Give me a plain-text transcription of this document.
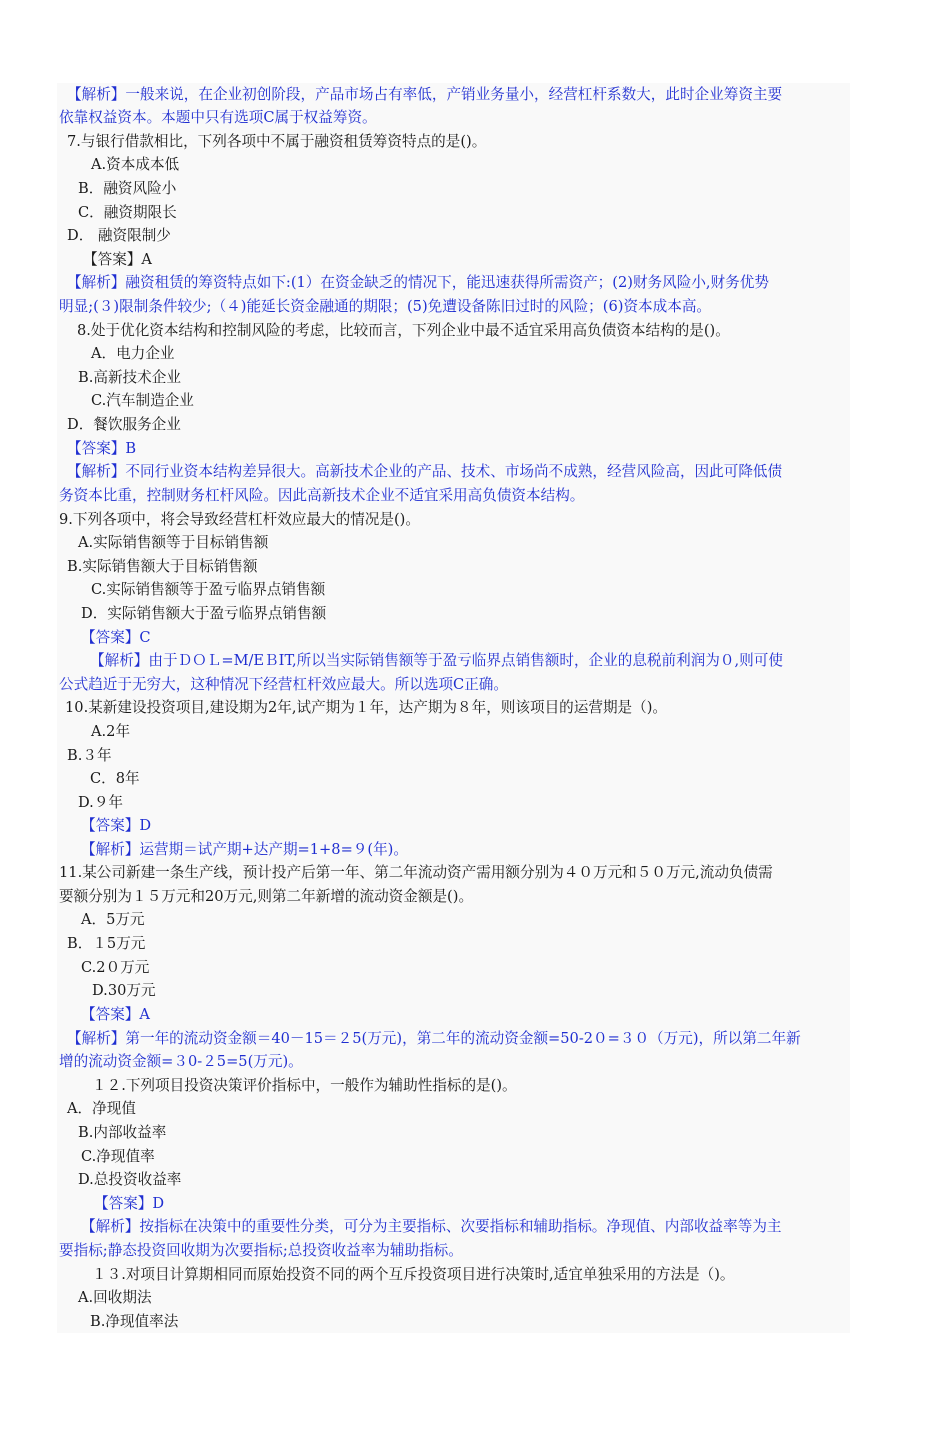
【解析】一般来说，在企业初创阶段，产品市场占有率低，产销业务量小，经营杠杆系数大，此时企业筹资主要
依靠权益资本。本题中只有选项C属于权益筹资。
7.与银行借款相比，下列各项中不属于融资租赁筹资特点的是()。
A.资本成本低
B．融资风险小
C．融资期限长
D． 融资限制少
【答案】A
【解析】融资租赁的筹资特点如下:(1）在资金缺乏的情况下，能迅速获得所需资产；(2)财务风险小,财务优势
明显;(３)限制条件较少;（４)能延长资金融通的期限；(5)免遭设备陈旧过时的风险；(6)资本成本高。
8.处于优化资本结构和控制风险的考虑，比较而言，下列企业中最不适宜采用高负债资本结构的是()。
A．电力企业
B.高新技术企业
C.汽车制造企业
D．餐饮服务企业
【答案】B
【解析】不同行业资本结构差异很大。高新技术企业的产品、技术、市场尚不成熟，经营风险高，因此可降低债
务资本比重，控制财务杠杆风险。因此高新技术企业不适宜采用高负债资本结构。
9.下列各项中，将会导致经营杠杆效应最大的情况是()。
A.实际销售额等于目标销售额
B.实际销售额大于目标销售额
C.实际销售额等于盈亏临界点销售额
D．实际销售额大于盈亏临界点销售额
【答案】C
【解析】由于ＤＯＬ=M/EＢIT,所以当实际销售额等于盈亏临界点销售额时，企业的息税前利润为０,则可使
公式趋近于无穷大，这种情况下经营杠杆效应最大。所以选项C正确。
10.某新建设投资项目,建设期为2年,试产期为１年，达产期为８年，则该项目的运营期是（)。
A.2年
B.３年
C．8年
D.９年
【答案】D
【解析】运营期＝试产期+达产期=1+8=９(年)。
11.某公司新建一条生产线，预计投产后第一年、第二年流动资产需用额分别为４０万元和５０万元,流动负债需
要额分别为１５万元和20万元,则第二年新增的流动资金额是()。
A．5万元
B．１5万元
C.2０万元
D.30万元
【答案】A
【解析】第一年的流动资金额＝40－15＝２5(万元)，第二年的流动资金额=50-2０=３０（万元)，所以第二年新
增的流动资金额=３0-２5=5(万元)。
１２.下列项目投资决策评价指标中，一般作为辅助性指标的是()。
A．净现值
B.内部收益率
C.净现值率
D.总投资收益率
【答案】D
【解析】按指标在决策中的重要性分类，可分为主要指标、次要指标和辅助指标。净现值、内部收益率等为主
要指标;静态投资回收期为次要指标;总投资收益率为辅助指标。
１３.对项目计算期相同而原始投资不同的两个互斥投资项目进行决策时,适宜单独采用的方法是（)。
A.回收期法
B.净现值率法
